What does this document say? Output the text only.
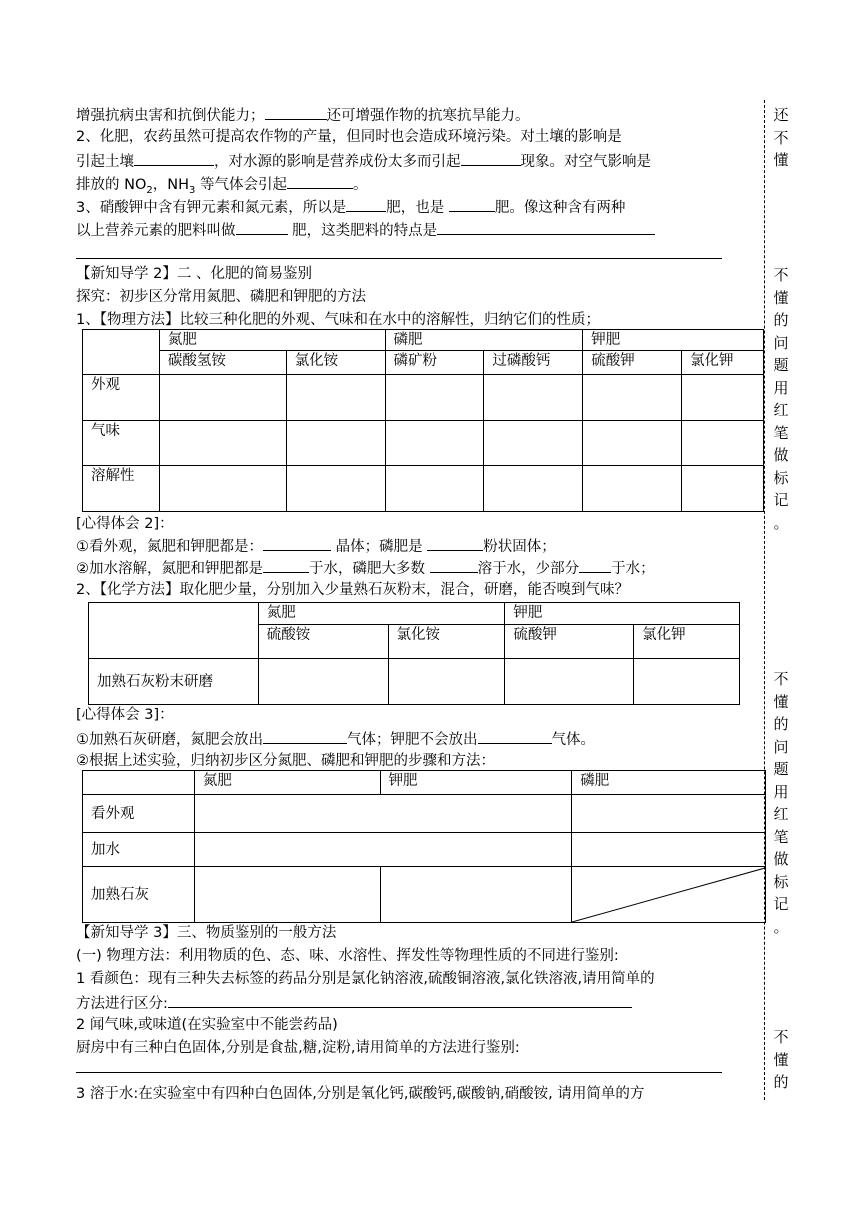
增强抗病虫害和抗倒伏能力；	还可增强作物的抗寒抗旱能力。
2、化肥，农药虽然可提高农作物的产量，但同时也会造成环境污染。对土壤的影响是
引起土壤	，对水源的影响是营养成份太多而引起	现象。对空气影响是
排放的 $NO_2$，$NH_3$ 等气体会引起	。
3、硝酸钾中含有钾元素和氮元素，所以是	肥，也是	肥。像这种含有两种
以上营养元素的肥料叫做	肥，这类肥料的特点是
【新知导学 2】二 、化肥的简易鉴别
探究：初步区分常用氮肥、磷肥和钾肥的方法
1、【物理方法】比较三种化肥的外观、气味和在水中的溶解性，归纳它们的性质；
	氮肥		磷肥		钾肥	
	碳酸氢铵	氯化铵	磷矿粉	过磷酸钙	硫酸钾	氯化钾
外观						
气味						
溶解性						
[心得体会 2]：
①看外观，氮肥和钾肥都是：	晶体；磷肥是	粉状固体；
②加水溶解，氮肥和钾肥都是	于水，磷肥大多数	溶于水，少部分 于水；
2、【化学方法】取化肥少量，分别加入少量熟石灰粉末，混合，研磨，能否嗅到气味？
	氮肥		钾肥	
	硫酸铵	氯化铵	硫酸钾	氯化钾
加熟石灰粉末研磨				
[心得体会 3]：
①加熟石灰研磨，氮肥会放出	气体；钾肥不会放出	气体。
②根据上述实验，归纳初步区分氮肥、磷肥和钾肥的步骤和方法：
	氮肥	钾肥	磷肥
看外观			
加水			
加熟石灰			
【新知导学 3】三、物质鉴别的一般方法
(一) 物理方法：利用物质的色、态、味、水溶性、挥发性等物理性质的不同进行鉴别:
1 看颜色：现有三种失去标签的药品分别是氯化钠溶液,硫酸铜溶液,氯化铁溶液,请用简单的
方法进行区分:
2 闻气味,或味道(在实验室中不能尝药品)
厨房中有三种白色固体,分别是食盐,糖,淀粉,请用简单的方法进行鉴别:
3 溶于水:在实验室中有四种白色固体,分别是氧化钙,碳酸钙,碳酸钠,硝酸铵, 请用简单的方
还
不
懂
不
懂
的
问
题
用
红
笔
做
标
记
。
不
懂
的
问
题
用
红
笔
做
标
记
。
不
懂
的
